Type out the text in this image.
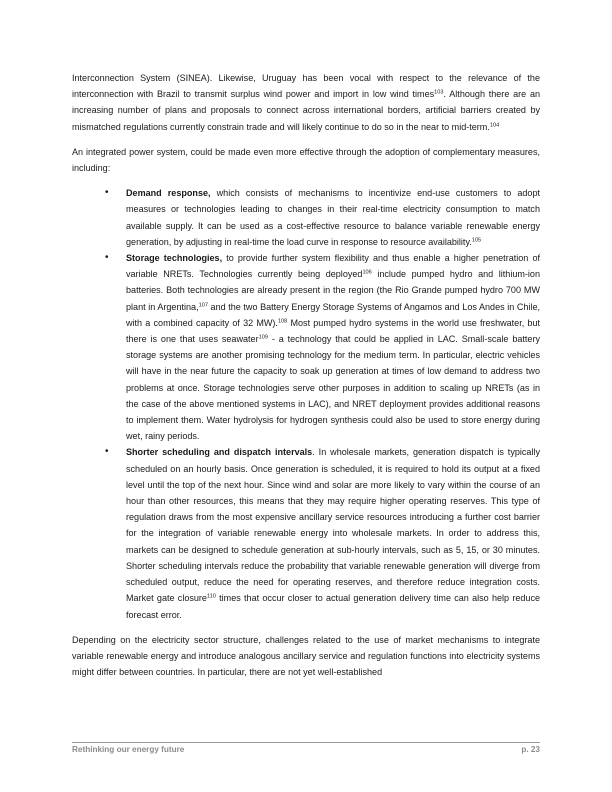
Interconnection System (SINEA). Likewise, Uruguay has been vocal with respect to the relevance of the interconnection with Brazil to transmit surplus wind power and import in low wind times$^{103}$. Although there are an increasing number of plans and proposals to connect across international borders, artificial barriers created by mismatched regulations currently constrain trade and will likely continue to do so in the near to mid-term.$^{104}$

An integrated power system, could be made even more effective through the adoption of complementary measures, including:

• Demand response, which consists of mechanisms to incentivize end-use customers to adopt measures or technologies leading to changes in their real-time electricity consumption to match available supply. It can be used as a cost-effective resource to balance variable renewable energy generation, by adjusting in real-time the load curve in response to resource availability.$^{105}$
• Storage technologies, to provide further system flexibility and thus enable a higher penetration of variable NRETs. Technologies currently being deployed$^{106}$ include pumped hydro and lithium-ion batteries. Both technologies are already present in the region (the Rio Grande pumped hydro 700 MW plant in Argentina,$^{107}$ and the two Battery Energy Storage Systems of Angamos and Los Andes in Chile, with a combined capacity of 32 MW).$^{108}$ Most pumped hydro systems in the world use freshwater, but there is one that uses seawater$^{109}$ - a technology that could be applied in LAC. Small-scale battery storage systems are another promising technology for the medium term. In particular, electric vehicles will have in the near future the capacity to soak up generation at times of low demand to address two problems at once. Storage technologies serve other purposes in addition to scaling up NRETs (as in the case of the above mentioned systems in LAC), and NRET deployment provides additional reasons to implement them. Water hydrolysis for hydrogen synthesis could also be used to store energy during wet, rainy periods.
• Shorter scheduling and dispatch intervals. In wholesale markets, generation dispatch is typically scheduled on an hourly basis. Once generation is scheduled, it is required to hold its output at a fixed level until the top of the next hour. Since wind and solar are more likely to vary within the course of an hour than other resources, this means that they may require higher operating reserves. This type of regulation draws from the most expensive ancillary service resources introducing a further cost barrier for the integration of variable renewable energy into wholesale markets. In order to address this, markets can be designed to schedule generation at sub-hourly intervals, such as 5, 15, or 30 minutes. Shorter scheduling intervals reduce the probability that variable renewable generation will diverge from scheduled output, reduce the need for operating reserves, and therefore reduce integration costs. Market gate closure$^{110}$ times that occur closer to actual generation delivery time can also help reduce forecast error.

Depending on the electricity sector structure, challenges related to the use of market mechanisms to integrate variable renewable energy and introduce analogous ancillary service and regulation functions into electricity systems might differ between countries. In particular, there are not yet well-established

Rethinking our energy future	p. 23
